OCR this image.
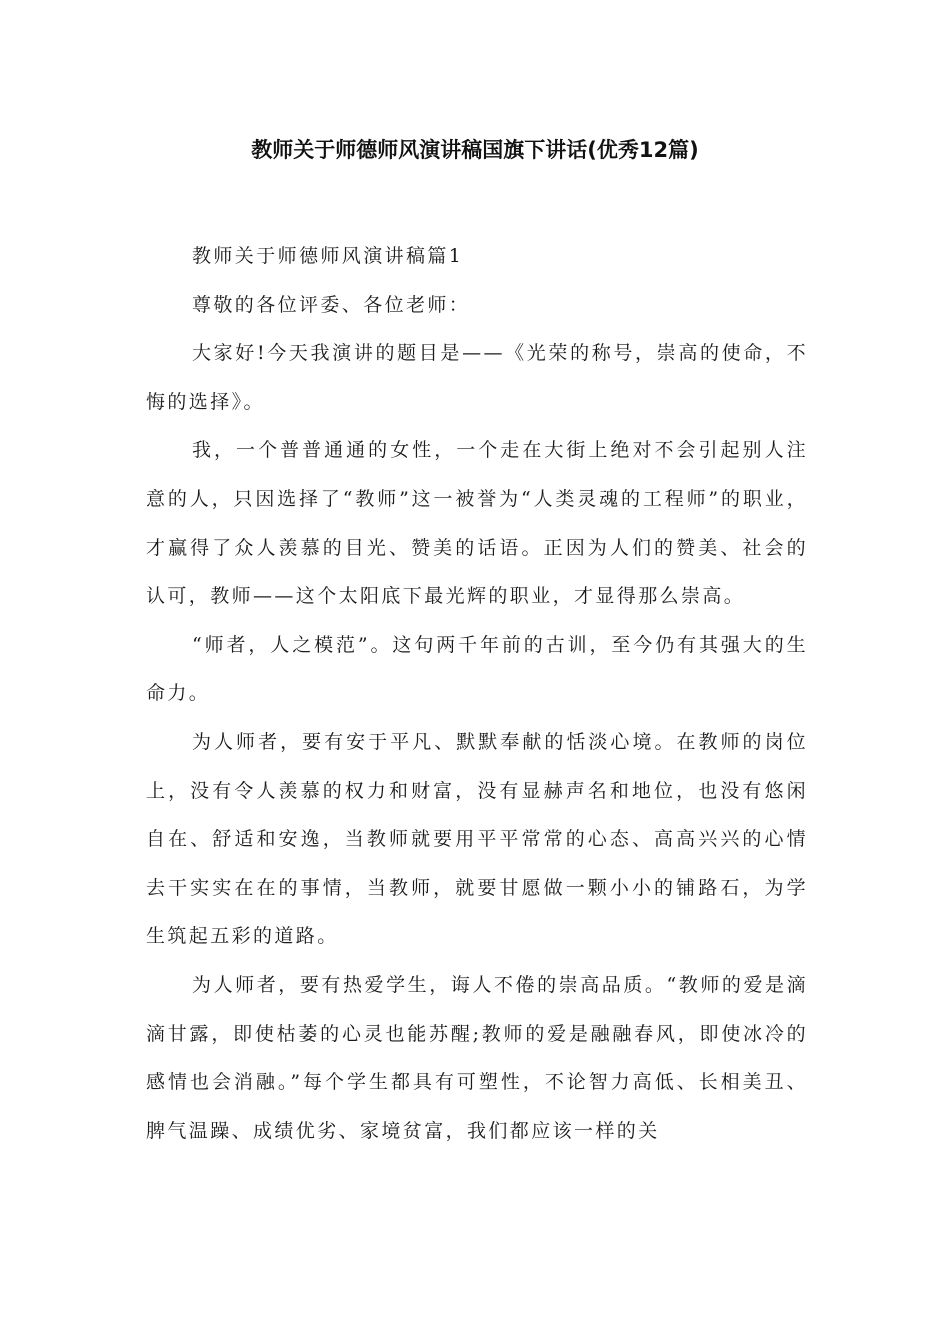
教师关于师德师风演讲稿国旗下讲话(优秀12篇)

教师关于师德师风演讲稿篇1

尊敬的各位评委、各位老师：

大家好!今天我演讲的题目是——《光荣的称号，崇高的使命，不悔的选择》。

我，一个普普通通的女性，一个走在大街上绝对不会引起别人注意的人，只因选择了“教师”这一被誉为“人类灵魂的工程师”的职业，才赢得了众人羡慕的目光、赞美的话语。正因为人们的赞美、社会的认可，教师——这个太阳底下最光辉的职业，才显得那么崇高。

“师者，人之模范”。这句两千年前的古训，至今仍有其强大的生命力。

为人师者，要有安于平凡、默默奉献的恬淡心境。在教师的岗位上，没有令人羡慕的权力和财富，没有显赫声名和地位，也没有悠闲自在、舒适和安逸，当教师就要用平平常常的心态、高高兴兴的心情去干实实在在的事情，当教师，就要甘愿做一颗小小的铺路石，为学生筑起五彩的道路。

为人师者，要有热爱学生，诲人不倦的崇高品质。“教师的爱是滴滴甘露，即使枯萎的心灵也能苏醒;教师的爱是融融春风，即使冰冷的感情也会消融。”每个学生都具有可塑性，不论智力高低、长相美丑、脾气温躁、成绩优劣、家境贫富，我们都应该一样的关
